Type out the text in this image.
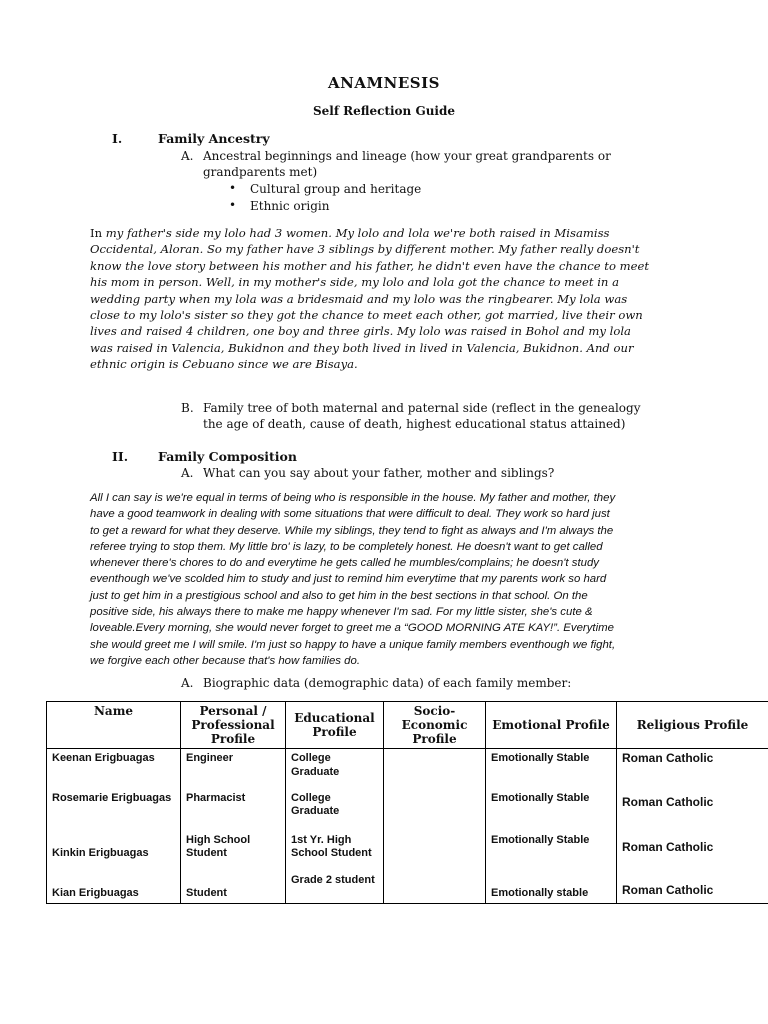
ANAMNESIS
Self Reflection Guide
I.	Family Ancestry
A. Ancestral beginnings and lineage (how your great grandparents or
grandparents met)
• Cultural group and heritage
• Ethnic origin
In my father's side my lolo had 3 women. My lolo and lola we're both raised in Misamiss
Occidental, Aloran. So my father have 3 siblings by different mother. My father really doesn't
know the love story between his mother and his father, he didn't even have the chance to meet
his mom in person. Well, in my mother's side, my lolo and lola got the chance to meet in a
wedding party when my lola was a bridesmaid and my lolo was the ringbearer. My lola was
close to my lolo's sister so they got the chance to meet each other, got married, live their own
lives and raised 4 children, one boy and three girls. My lolo was raised in Bohol and my lola
was raised in Valencia, Bukidnon and they both lived in lived in Valencia, Bukidnon. And our
ethnic origin is Cebuano since we are Bisaya.
B. Family tree of both maternal and paternal side (reflect in the genealogy
the age of death, cause of death, highest educational status attained)
II. Family Composition
A. What can you say about your father, mother and siblings?
All I can say is we're equal in terms of being who is responsible in the house. My father and mother, they
have a good teamwork in dealing with some situations that were difficult to deal. They work so hard just
to get a reward for what they deserve. While my siblings, they tend to fight as always and I'm always the
referee trying to stop them. My little bro' is lazy, to be completely honest. He doesn't want to get called
whenever there's chores to do and everytime he gets called he mumbles/complains; he doesn't study
eventhough we've scolded him to study and just to remind him everytime that my parents work so hard
just to get him in a prestigious school and also to get him in the best sections in that school. On the
positive side, his always there to make me happy whenever I'm sad. For my little sister, she's cute &
loveable.Every morning, she would never forget to greet me a “GOOD MORNING ATE KAY!”. Everytime
she would greet me I will smile. I'm just so happy to have a unique family members eventhough we fight,
we forgive each other because that's how families do.
A. Biographic data (demographic data) of each family member:
Name	Personal / Professional Profile	Educational Profile	Socio-Economic Profile	Emotional Profile	Religious Profile
Keenan Erigbuagas	Engineer	College Graduate		Emotionally Stable	Roman Catholic
Rosemarie Erigbuagas	Pharmacist	College Graduate		Emotionally Stable	Roman Catholic
Kinkin Erigbuagas	High School Student	1st Yr. High School Student		Emotionally Stable	Roman Catholic
Kian Erigbuagas	Student	Grade 2 student		Emotionally stable	Roman Catholic
